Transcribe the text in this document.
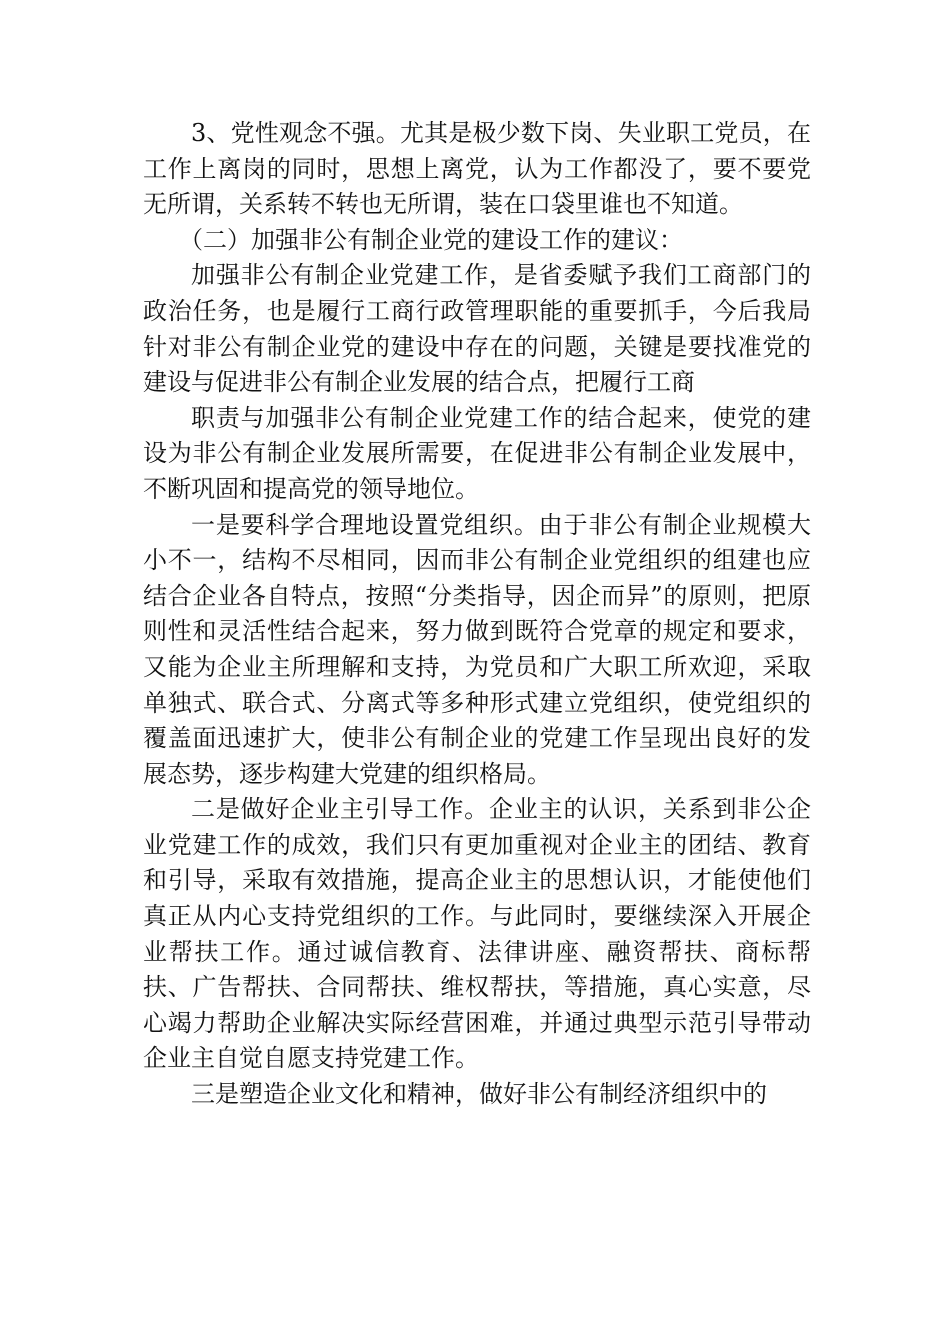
3、党性观念不强。尤其是极少数下岗、失业职工党员，在工作上离岗的同时，思想上离党，认为工作都没了，要不要党无所谓，关系转不转也无所谓，装在口袋里谁也不知道。

（二）加强非公有制企业党的建设工作的建议：

加强非公有制企业党建工作，是省委赋予我们工商部门的政治任务，也是履行工商行政管理职能的重要抓手，今后我局针对非公有制企业党的建设中存在的问题，关键是要找准党的建设与促进非公有制企业发展的结合点，把履行工商

职责与加强非公有制企业党建工作的结合起来，使党的建设为非公有制企业发展所需要，在促进非公有制企业发展中，不断巩固和提高党的领导地位。

一是要科学合理地设置党组织。由于非公有制企业规模大小不一，结构不尽相同，因而非公有制企业党组织的组建也应结合企业各自特点，按照“分类指导，因企而异”的原则，把原则性和灵活性结合起来，努力做到既符合党章的规定和要求，又能为企业主所理解和支持，为党员和广大职工所欢迎，采取单独式、联合式、分离式等多种形式建立党组织，使党组织的覆盖面迅速扩大，使非公有制企业的党建工作呈现出良好的发展态势，逐步构建大党建的组织格局。

二是做好企业主引导工作。企业主的认识，关系到非公企业党建工作的成效，我们只有更加重视对企业主的团结、教育和引导，采取有效措施，提高企业主的思想认识，才能使他们真正从内心支持党组织的工作。与此同时，要继续深入开展企业帮扶工作。通过诚信教育、法律讲座、融资帮扶、商标帮扶、广告帮扶、合同帮扶、维权帮扶，等措施，真心实意，尽心竭力帮助企业解决实际经营困难，并通过典型示范引导带动企业主自觉自愿支持党建工作。

三是塑造企业文化和精神，做好非公有制经济组织中的
